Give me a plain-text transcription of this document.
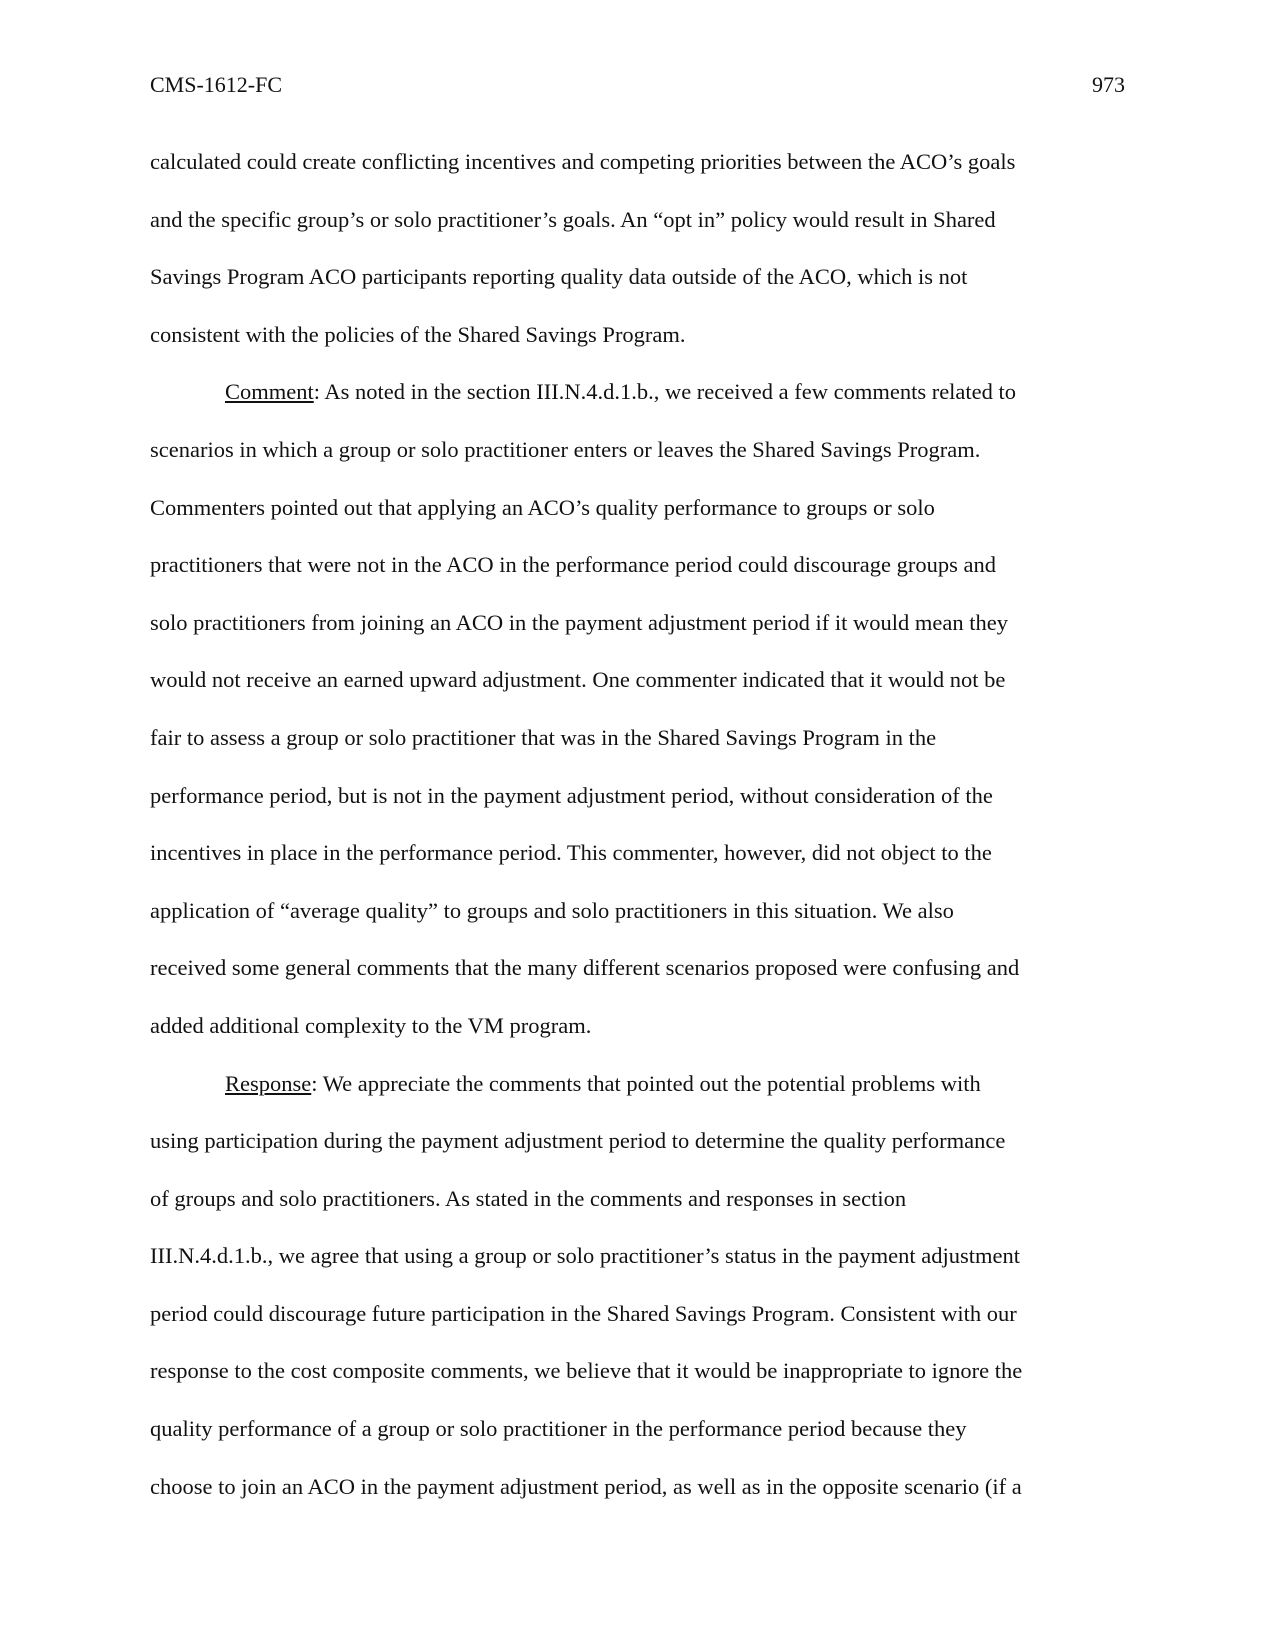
CMS-1612-FC	973
calculated could create conflicting incentives and competing priorities between the ACO’s goals
and the specific group’s or solo practitioner’s goals. An “opt in” policy would result in Shared
Savings Program ACO participants reporting quality data outside of the ACO, which is not
consistent with the policies of the Shared Savings Program.
Comment: As noted in the section III.N.4.d.1.b., we received a few comments related to
scenarios in which a group or solo practitioner enters or leaves the Shared Savings Program.
Commenters pointed out that applying an ACO’s quality performance to groups or solo
practitioners that were not in the ACO in the performance period could discourage groups and
solo practitioners from joining an ACO in the payment adjustment period if it would mean they
would not receive an earned upward adjustment. One commenter indicated that it would not be
fair to assess a group or solo practitioner that was in the Shared Savings Program in the
performance period, but is not in the payment adjustment period, without consideration of the
incentives in place in the performance period. This commenter, however, did not object to the
application of “average quality” to groups and solo practitioners in this situation. We also
received some general comments that the many different scenarios proposed were confusing and
added additional complexity to the VM program.
Response: We appreciate the comments that pointed out the potential problems with
using participation during the payment adjustment period to determine the quality performance
of groups and solo practitioners. As stated in the comments and responses in section
III.N.4.d.1.b., we agree that using a group or solo practitioner’s status in the payment adjustment
period could discourage future participation in the Shared Savings Program. Consistent with our
response to the cost composite comments, we believe that it would be inappropriate to ignore the
quality performance of a group or solo practitioner in the performance period because they
choose to join an ACO in the payment adjustment period, as well as in the opposite scenario (if a
